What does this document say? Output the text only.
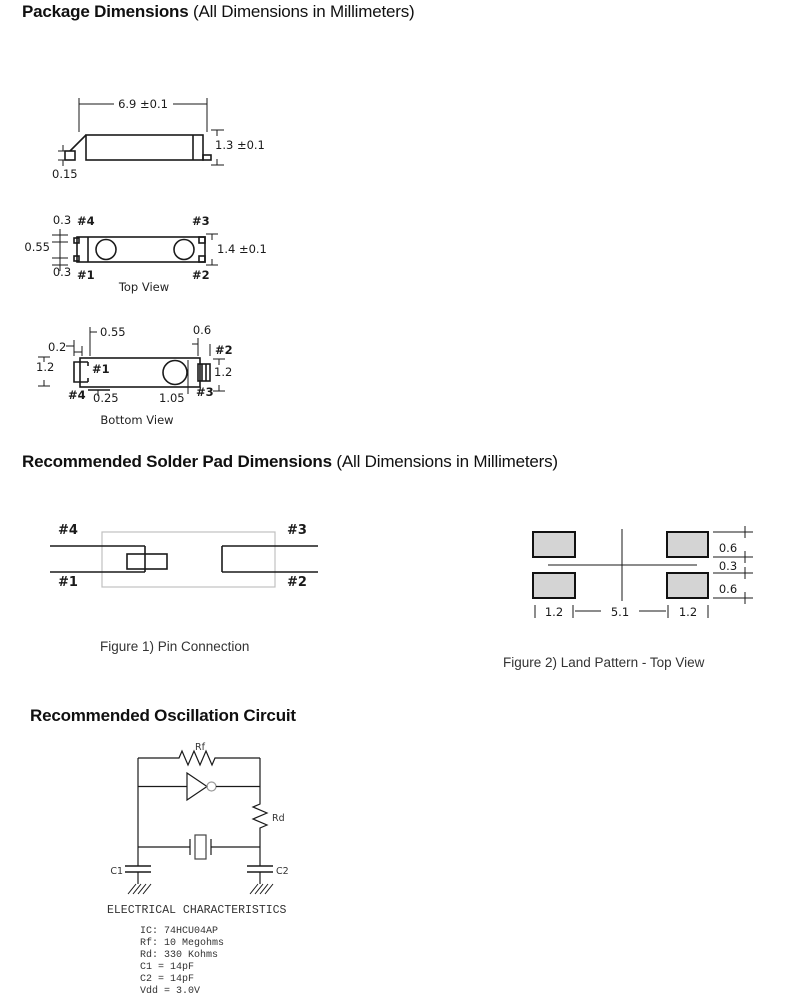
Package Dimensions (All Dimensions in Millimeters)
6.9 ±0.1
1.3 ±0.1
0.15
0.3 #4	#3
0.55	1.4 ±0.1
0.3 #1	#2
Top View
0.55	0.6
0.2	#2
1.2	#1	1.2
#4 0.25	1.05 #3
Bottom View
Recommended Solder Pad Dimensions (All Dimensions in Millimeters)
#4	#3
#1	#2
Figure 1) Pin Connection
0.6
0.3
0.6
1.2	5.1	1.2
Figure 2) Land Pattern - Top View
Recommended Oscillation Circuit
Rf
Rd
C1	C2
ELECTRICAL CHARACTERISTICS
IC: 74HCU04AP
Rf: 10 Megohms
Rd: 330 Kohms
C1 = 14pF
C2 = 14pF
Vdd = 3.0V
